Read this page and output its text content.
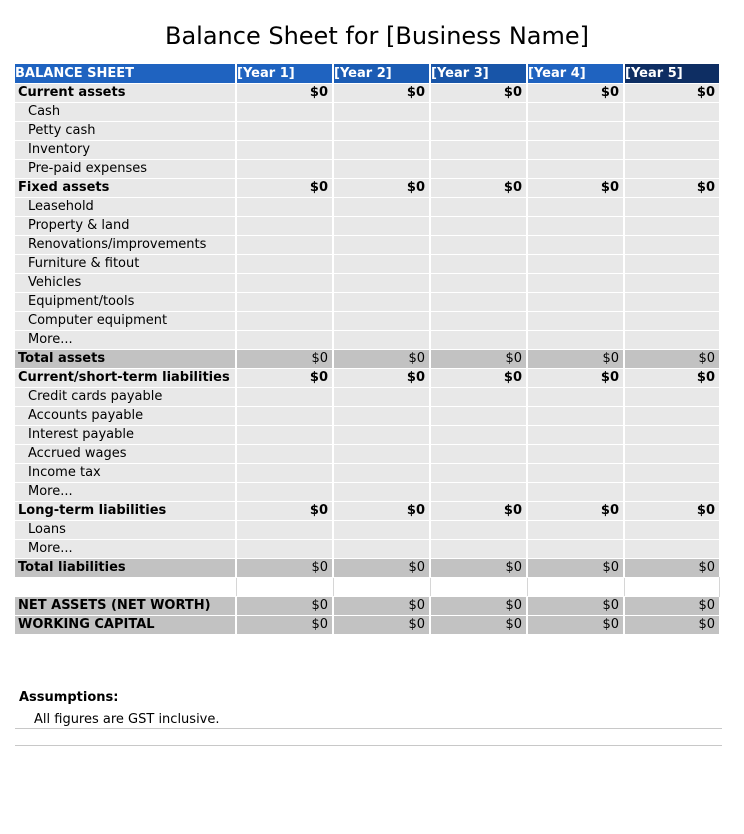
Balance Sheet for [Business Name]
BALANCE SHEET	[Year 1]	[Year 2]	[Year 3]	[Year 4]	[Year 5]
Current assets	$0	$0	$0	$0	$0
Cash					
Petty cash					
Inventory					
Pre-paid expenses					
Fixed assets	$0	$0	$0	$0	$0
Leasehold					
Property & land					
Renovations/improvements					
Furniture & fitout					
Vehicles					
Equipment/tools					
Computer equipment					
More...					
Total assets	$0	$0	$0	$0	$0
Current/short-term liabilities	$0	$0	$0	$0	$0
Credit cards payable					
Accounts payable					
Interest payable					
Accrued wages					
Income tax					
More...					
Long-term liabilities	$0	$0	$0	$0	$0
Loans					
More...					
Total liabilities	$0	$0	$0	$0	$0

NET ASSETS (NET WORTH)	$0	$0	$0	$0	$0
WORKING CAPITAL	$0	$0	$0	$0	$0
Assumptions:
All figures are GST inclusive.
